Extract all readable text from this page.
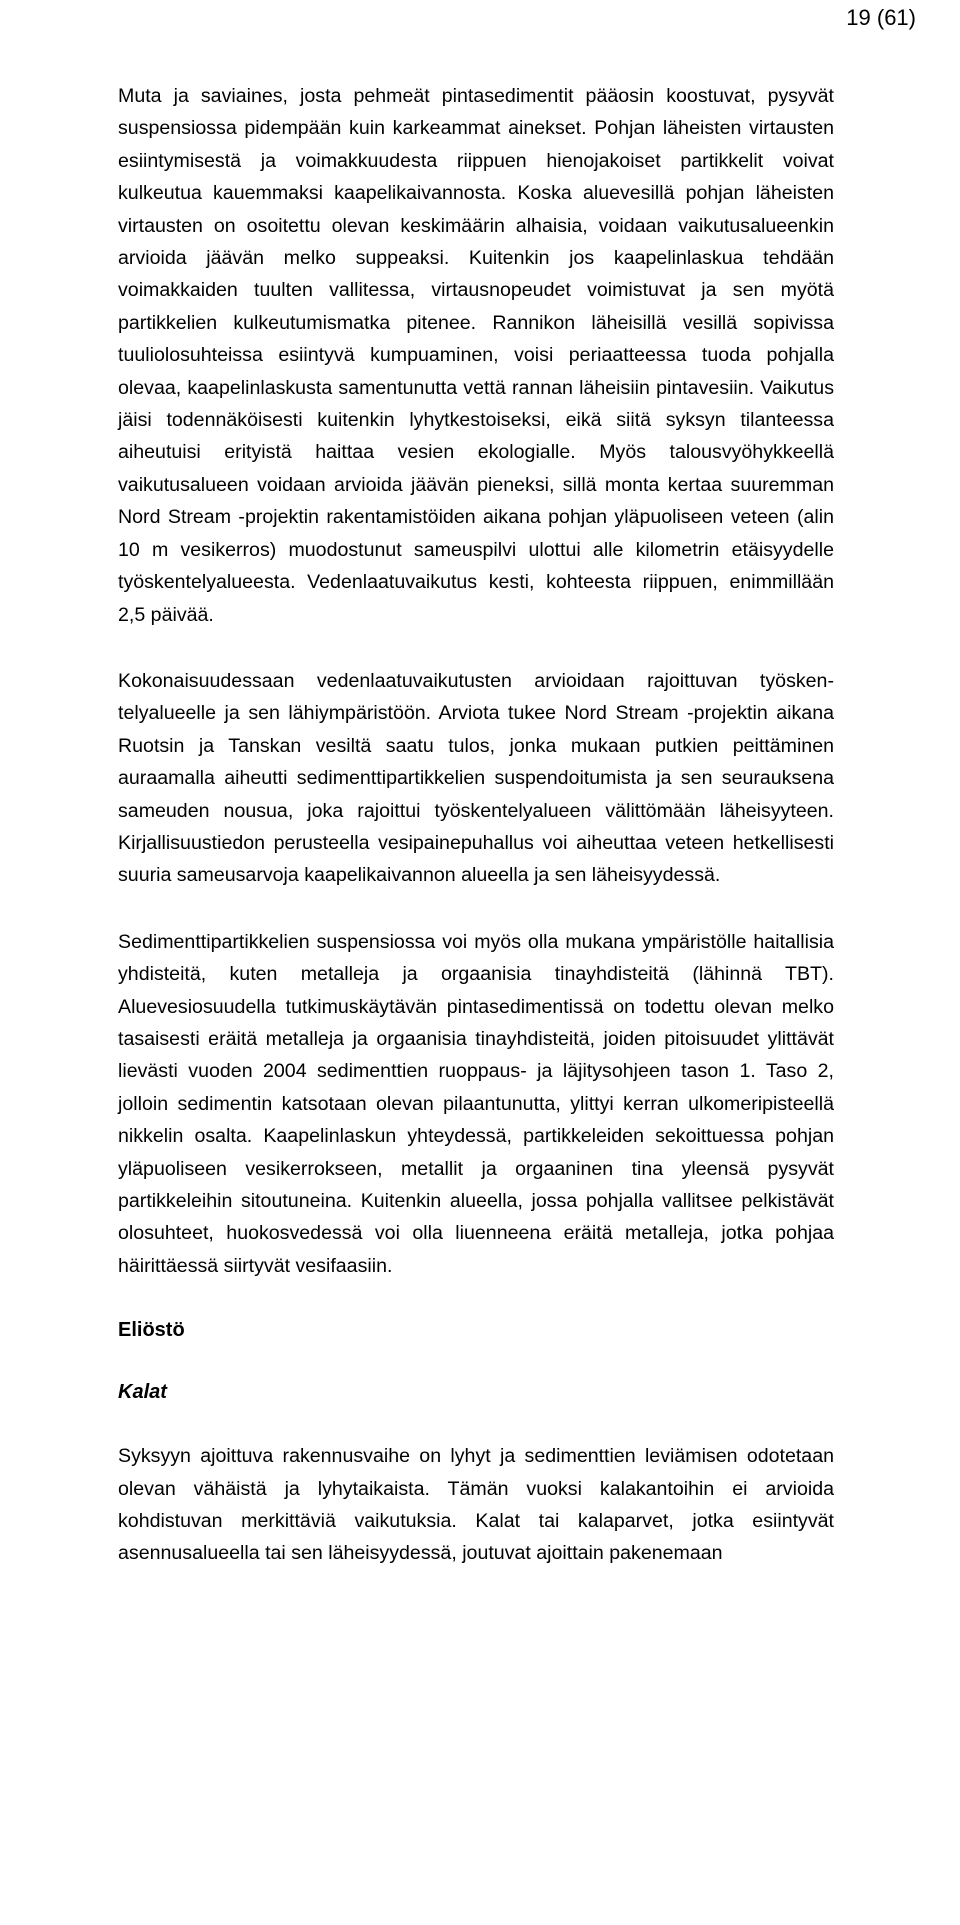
19 (61)

Muta ja saviaines, josta pehmeät pintasedimentit pääosin koostuvat, pysyvät suspensiossa pidempään kuin karkeammat ainekset. Pohjan läheisten virtausten esiintymisestä ja voimakkuudesta riippuen hienojakoiset partikkelit voivat kulkeutua kauemmaksi kaapelikaivannosta. Koska aluevesillä pohjan läheisten virtausten on osoitettu olevan keskimäärin alhaisia, voidaan vaikutusalueenkin arvioida jäävän melko suppeaksi. Kuitenkin jos kaapelinlaskua tehdään voimakkaiden tuulten vallitessa, virtausnopeudet voimistuvat ja sen myötä partikkelien kulkeutumismatka pitenee. Rannikon läheisillä vesillä sopivissa tuuliolosuhteissa esiintyvä kumpuaminen, voisi periaatteessa tuoda pohjalla olevaa, kaapelinlaskusta samentunutta vettä rannan läheisiin pintavesiin. Vaikutus jäisi todennäköisesti kuitenkin lyhytkestoiseksi, eikä siitä syksyn tilanteessa aiheutuisi erityistä haittaa vesien ekologialle. Myös talousvyöhykkeellä vaikutusalueen voidaan arvioida jäävän pieneksi, sillä monta kertaa suuremman Nord Stream -projektin rakentamistöiden aikana pohjan yläpuoliseen veteen (alin 10 m vesikerros) muodostunut sameuspilvi ulottui alle kilometrin etäisyydelle työskentelyalueesta. Vedenlaatuvaikutus kesti, kohteesta riippuen, enimmillään 2,5 päivää.

Kokonaisuudessaan vedenlaatuvaikutusten arvioidaan rajoittuvan työskentelyalueelle ja sen lähiympäristöön. Arviota tukee Nord Stream -projektin aikana Ruotsin ja Tanskan vesiltä saatu tulos, jonka mukaan putkien peittäminen auraamalla aiheutti sedimenttipartikkelien suspendoitumista ja sen seurauksena sameuden nousua, joka rajoittui työskentelyalueen välittömään läheisyyteen. Kirjallisuustiedon perusteella vesipainepuhallus voi aiheuttaa veteen hetkellisesti suuria sameusarvoja kaapelikaivannon alueella ja sen läheisyydessä.

Sedimenttipartikkelien suspensiossa voi myös olla mukana ympäristölle haitallisia yhdisteitä, kuten metalleja ja orgaanisia tinayhdisteitä (lähinnä TBT). Aluevesiosuudella tutkimuskäytävän pintasedimentissä on todettu olevan melko tasaisesti eräitä metalleja ja orgaanisia tinayhdisteitä, joiden pitoisuudet ylittävät lievästi vuoden 2004 sedimenttien ruoppaus- ja läjitysohjeen tason 1. Taso 2, jolloin sedimentin katsotaan olevan pilaantunutta, ylittyi kerran ulkomeripisteellä nikkelin osalta. Kaapelinlaskun yhteydessä, partikkeleiden sekoittuessa pohjan yläpuoliseen vesikerrokseen, metallit ja orgaaninen tina yleensä pysyvät partikkeleihin sitoutuneina. Kuitenkin alueella, jossa pohjalla vallitsee pelkistävät olosuhteet, huokosvedessä voi olla liuenneena eräitä metalleja, jotka pohjaa häirittäessä siirtyvät vesifaasiin.

Eliöstö
Kalat

Syksyyn ajoittuva rakennusvaihe on lyhyt ja sedimenttien leviämisen odotetaan olevan vähäistä ja lyhytaikaista. Tämän vuoksi kalakantoihin ei arvioida kohdistuvan merkittäviä vaikutuksia. Kalat tai kalaparvet, jotka esiintyvät asennusalueella tai sen läheisyydessä, joutuvat ajoittain pakenemaan
